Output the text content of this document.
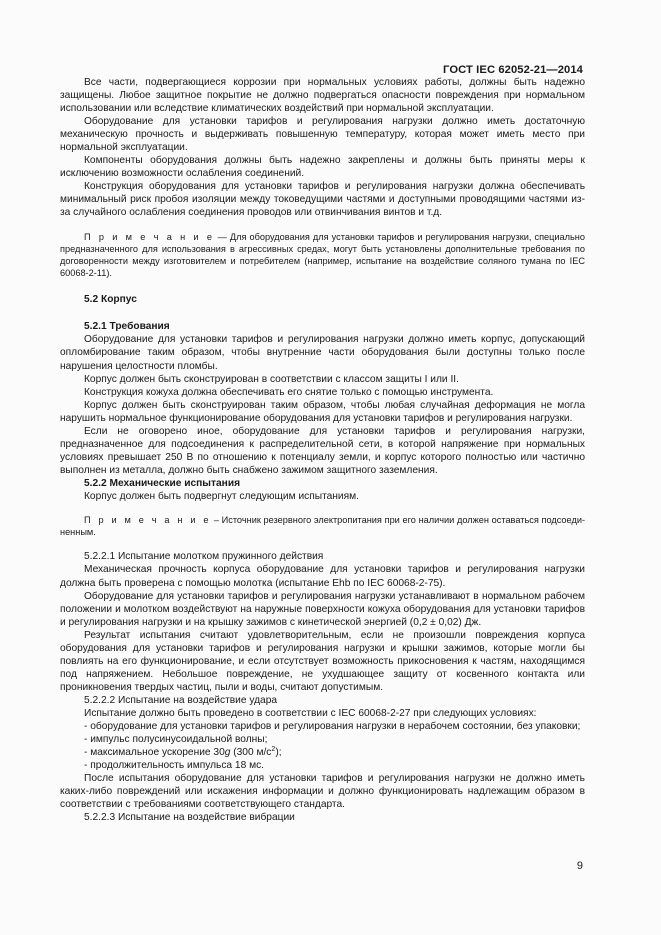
ГОСТ IEC 62052-21—2014

Все части, подвергающиеся коррозии при нормальных условиях работы, должны быть надежно защищены. Любое защитное покрытие не должно подвергаться опасности повреждения при нормальном использовании или вследствие климатических воздействий при нормальной эксплуатации.

Оборудование для установки тарифов и регулирования нагрузки должно иметь достаточную механическую прочность и выдерживать повышенную температуру, которая может иметь место при нормальной эксплуатации.

Компоненты оборудования должны быть надежно закреплены и должны быть приняты меры к исключению возможности ослабления соединений.

Конструкция оборудования для установки тарифов и регулирования нагрузки должна обеспечивать минимальный риск пробоя изоляции между токоведущими частями и доступными проводящими частями из-за случайного ослабления соединения проводов или отвинчивания винтов и т.д.

П р и м е ч а н и е — Для оборудования для установки тарифов и регулирования нагрузки, специально предназначенного для использования в агрессивных средах, могут быть установлены дополнительные требования по договоренности между изготовителем и потребителем (например, испытание на воздействие соляного тумана по IEC 60068-2-11).

5.2 Корпус

5.2.1 Требования

Оборудование для установки тарифов и регулирования нагрузки должно иметь корпус, допускающий опломбирование таким образом, чтобы внутренние части оборудования были доступны только после нарушения целостности пломбы.

Корпус должен быть сконструирован в соответствии с классом защиты I или II.

Конструкция кожуха должна обеспечивать его снятие только с помощью инструмента.

Корпус должен быть сконструирован таким образом, чтобы любая случайная деформация не могла нарушить нормальное функционирование оборудования для установки тарифов и регулирования нагрузки.

Если не оговорено иное, оборудование для установки тарифов и регулирования нагрузки, предназначенное для подсоединения к распределительной сети, в которой напряжение при нормальных условиях превышает 250 В по отношению к потенциалу земли, и корпус которого полностью или частично выполнен из металла, должно быть снабжено зажимом защитного заземления.

5.2.2 Механические испытания

Корпус должен быть подвергнут следующим испытаниям.

П р и м е ч а н и е – Источник резервного электропитания при его наличии должен оставаться подсоединенным.

5.2.2.1 Испытание молотком пружинного действия

Механическая прочность корпуса оборудование для установки тарифов и регулирования нагрузки должна быть проверена с помощью молотка (испытание Ehb по IEC 60068-2-75).

Оборудование для установки тарифов и регулирования нагрузки устанавливают в нормальном рабочем положении и молотком воздействуют на наружные поверхности кожуха оборудования для установки тарифов и регулирования нагрузки и на крышку зажимов с кинетической энергией (0,2 ± 0,02) Дж.

Результат испытания считают удовлетворительным, если не произошли повреждения корпуса оборудования для установки тарифов и регулирования нагрузки и крышки зажимов, которые могли бы повлиять на его функционирование, и если отсутствует возможность прикосновения к частям, находящимся под напряжением. Небольшое повреждение, не ухудшающее защиту от косвенного контакта или проникновения твердых частиц, пыли и воды, считают допустимым.

5.2.2.2 Испытание на воздействие удара

Испытание должно быть проведено в соответствии с IEC 60068-2-27 при следующих условиях:

- оборудование для установки тарифов и регулирования нагрузки в нерабочем состоянии, без упаковки;

- импульс полусинусоидальной волны;

- максимальное ускорение 30g (300 $м/с^2$);

- продолжительность импульса 18 мс.

После испытания оборудование для установки тарифов и регулирования нагрузки не должно иметь каких-либо повреждений или искажения информации и должно функционировать надлежащим образом в соответствии с требованиями соответствующего стандарта.

5.2.2.3 Испытание на воздействие вибрации

9
